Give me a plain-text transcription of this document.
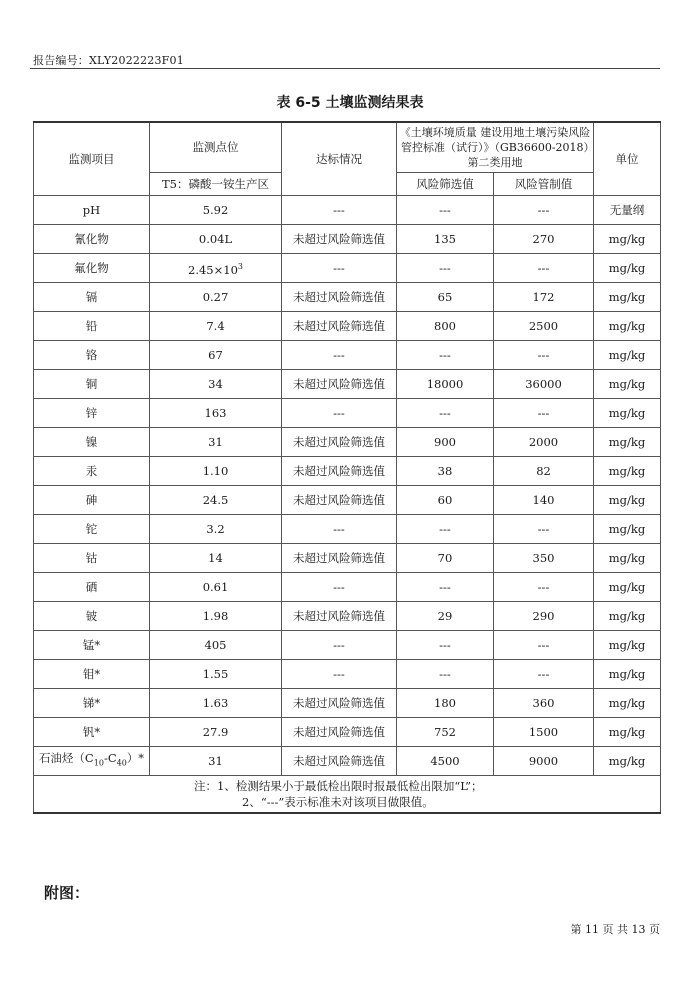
报告编号：XLY2022223F01
表 6-5 土壤监测结果表
监测项目	监测点位	达标情况	《土壤环境质量 建设用地土壤污染风险管控标准（试行）》（GB36600-2018）第二类用地		单位
	T5：磷酸一铵生产区		风险筛选值	风险管制值	
pH	5.92	---	---	---	无量纲
氰化物	0.04L	未超过风险筛选值	135	270	mg/kg
氟化物	$2.45\times 10^3$	---	---	---	mg/kg
镉	0.27	未超过风险筛选值	65	172	mg/kg
铅	7.4	未超过风险筛选值	800	2500	mg/kg
铬	67	---	---	---	mg/kg
铜	34	未超过风险筛选值	18000	36000	mg/kg
锌	163	---	---	---	mg/kg
镍	31	未超过风险筛选值	900	2000	mg/kg
汞	1.10	未超过风险筛选值	38	82	mg/kg
砷	24.5	未超过风险筛选值	60	140	mg/kg
铊	3.2	---	---	---	mg/kg
钴	14	未超过风险筛选值	70	350	mg/kg
硒	0.61	---	---	---	mg/kg
铍	1.98	未超过风险筛选值	29	290	mg/kg
锰*	405	---	---	---	mg/kg
钼*	1.55	---	---	---	mg/kg
锑*	1.63	未超过风险筛选值	180	360	mg/kg
钒*	27.9	未超过风险筛选值	752	1500	mg/kg
石油烃$(C_{10}-C_{40})*$	31	未超过风险筛选值	4500	9000	mg/kg

注：1、检测结果小于最低检出限时报最低检出限加“L”；
2、“---”表示标准未对该项目做限值。					
附图：
第 11 页 共 13 页
